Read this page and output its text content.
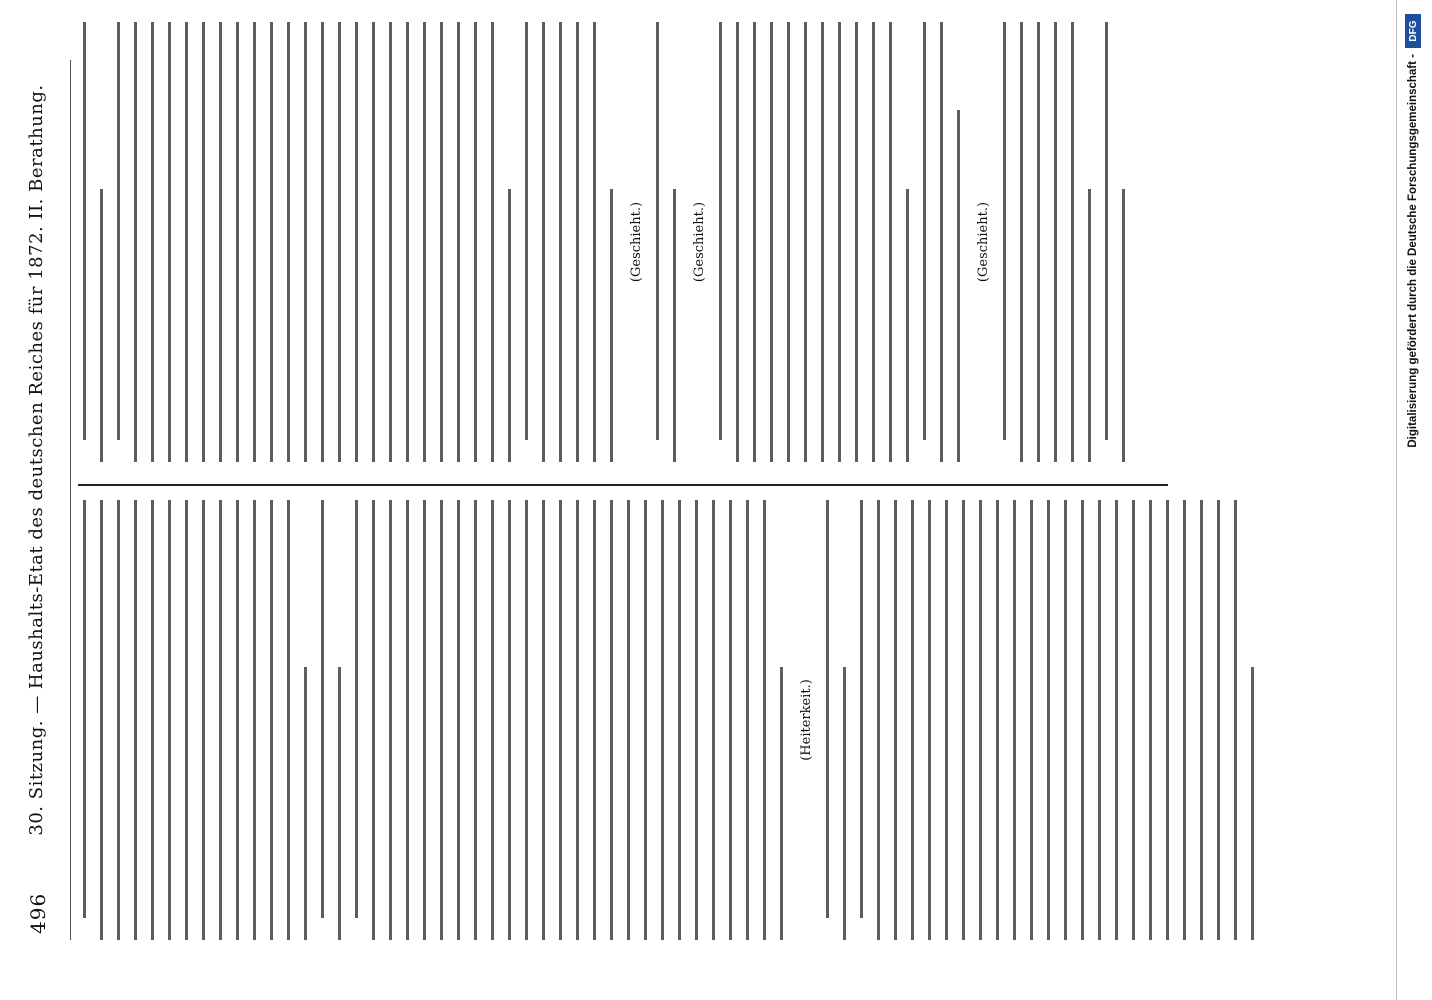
496
30. Sitzung. — Haushalts-Etat des deutschen Reiches für 1872. II. Berathung.	(Heiterkeit.)
(Geschieht.)	(Geschieht.)	(Geschieht.)	Digitalisierung gefördert durch die Deutsche Forschungsgemeinschaft -
DFG
